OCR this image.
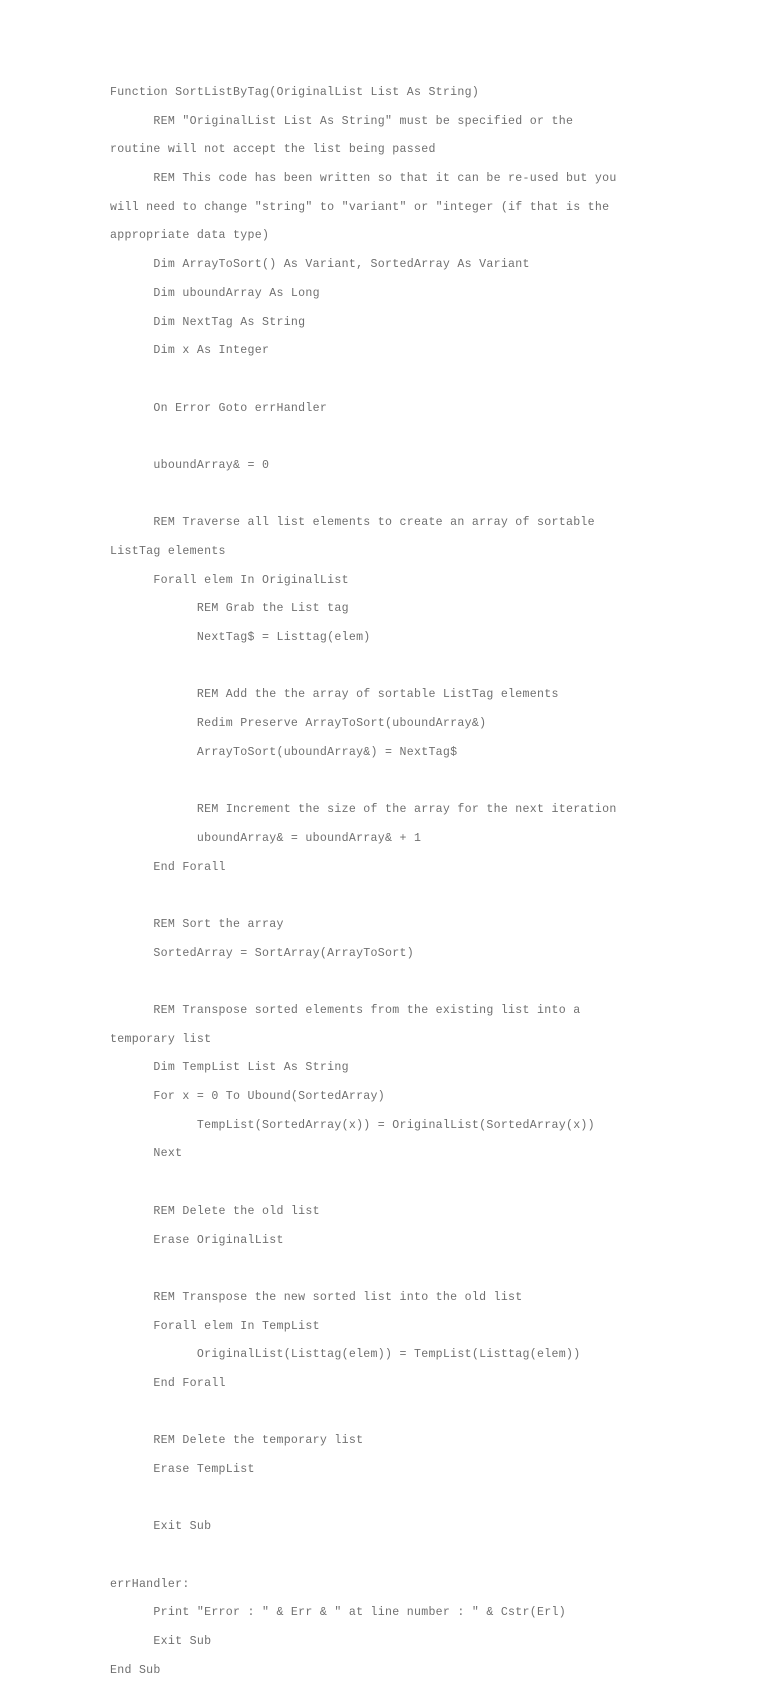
Function SortListByTag(OriginalList List As String)

REM "OriginalList List As String" must be specified or the

routine will not accept the list being passed

REM This code has been written so that it can be re-used but you

will need to change "string" to "variant" or "integer (if that is the

appropriate data type)

Dim ArrayToSort() As Variant, SortedArray As Variant

Dim uboundArray As Long

Dim NextTag As String

Dim x As Integer

On Error Goto errHandler

uboundArray& = 0

REM Traverse all list elements to create an array of sortable

ListTag elements

Forall elem In OriginalList

REM Grab the List tag

NextTag$ = Listtag(elem)

REM Add the the array of sortable ListTag elements

Redim Preserve ArrayToSort(uboundArray&)

ArrayToSort(uboundArray&) = NextTag$

REM Increment the size of the array for the next iteration

uboundArray& = uboundArray& + 1

End Forall

REM Sort the array

SortedArray = SortArray(ArrayToSort)

REM Transpose sorted elements from the existing list into a

temporary list

Dim TempList List As String

For x = 0 To Ubound(SortedArray)

TempList(SortedArray(x)) = OriginalList(SortedArray(x))

Next

REM Delete the old list

Erase OriginalList

REM Transpose the new sorted list into the old list

Forall elem In TempList

OriginalList(Listtag(elem)) = TempList(Listtag(elem))

End Forall

REM Delete the temporary list

Erase TempList

Exit Sub

errHandler:

Print "Error : " & Err & " at line number : " & Cstr(Erl)

Exit Sub

End Sub
